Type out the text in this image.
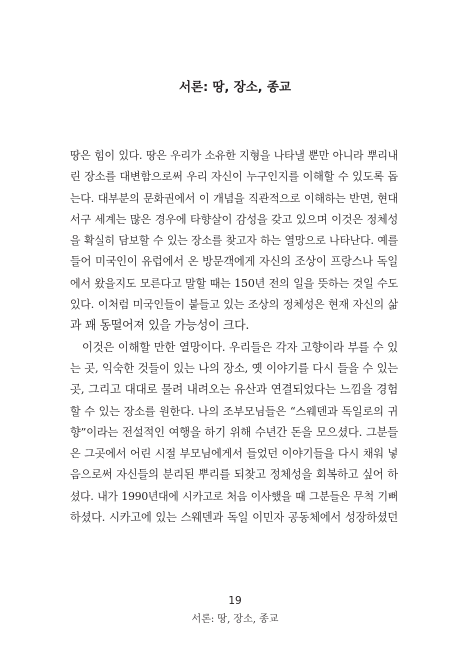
서론: 땅, 장소, 종교
땅은 힘이 있다. 땅은 우리가 소유한 지형을 나타낼 뿐만 아니라 뿌리내
린 장소를 대변함으로써 우리 자신이 누구인지를 이해할 수 있도록 돕
는다. 대부분의 문화권에서 이 개념을 직관적으로 이해하는 반면, 현대
서구 세계는 많은 경우에 타향살이 감성을 갖고 있으며 이것은 정체성
을 확실히 담보할 수 있는 장소를 찾고자 하는 열망으로 나타난다. 예를
들어 미국인이 유럽에서 온 방문객에게 자신의 조상이 프랑스나 독일
에서 왔을지도 모른다고 말할 때는 150년 전의 일을 뜻하는 것일 수도
있다. 이처럼 미국인들이 붙들고 있는 조상의 정체성은 현재 자신의 삶
과 꽤 동떨어져 있을 가능성이 크다.
이것은 이해할 만한 열망이다. 우리들은 각자 고향이라 부를 수 있
는 곳, 익숙한 것들이 있는 나의 장소, 옛 이야기를 다시 들을 수 있는
곳, 그리고 대대로 물려 내려오는 유산과 연결되었다는 느낌을 경험
할 수 있는 장소를 원한다. 나의 조부모님들은 “스웨덴과 독일로의 귀
향”이라는 전설적인 여행을 하기 위해 수년간 돈을 모으셨다. 그분들
은 그곳에서 어린 시절 부모님에게서 들었던 이야기들을 다시 채워 넣
음으로써 자신들의 분리된 뿌리를 되찾고 정체성을 회복하고 싶어 하
셨다. 내가 1990년대에 시카고로 처음 이사했을 때 그분들은 무척 기뻐
하셨다. 시카고에 있는 스웨덴과 독일 이민자 공동체에서 성장하셨던
19
서론: 땅, 장소, 종교
